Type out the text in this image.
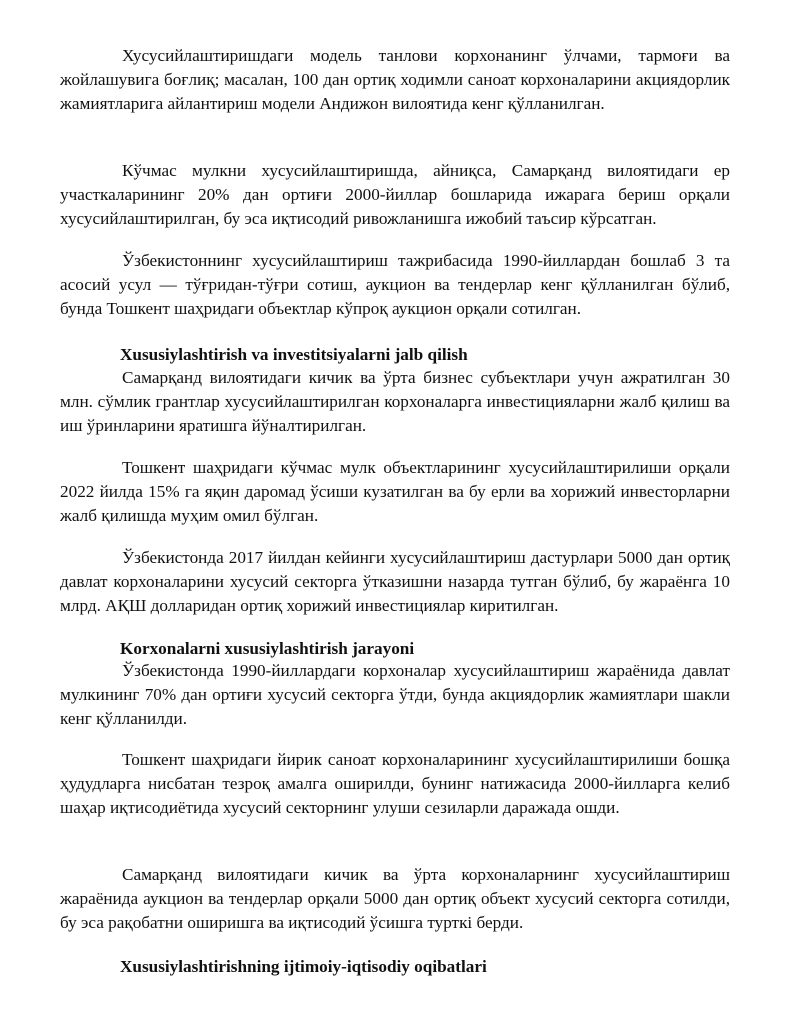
Хусусийлаштиришдаги модель танлови корхонанинг ўлчами, тармоғи ва жойлашувига боғлиқ; масалан, 100 дан ортиқ ходимли саноат корхоналарини акциядорлик жамиятларига айлантириш модели Андижон вилоятида кенг қўлланилган.

Кўчмас мулкни хусусийлаштиришда, айниқса, Самарқанд вилоятидаги ер участкаларининг 20% дан ортиғи 2000-йиллар бошларида ижарага бериш орқали хусусийлаштирилган, бу эса иқтисодий ривожланишга ижобий таъсир кўрсатган.

Ўзбекистоннинг хусусийлаштириш тажрибасида 1990-йиллардан бошлаб 3 та асосий усул — тўғридан-тўғри сотиш, аукцион ва тендерлар кенг қўлланилган бўлиб, бунда Тошкент шаҳридаги объектлар кўпроқ аукцион орқали сотилган.

Xususiylashtirish va investitsiyalarni jalb qilish

Самарқанд вилоятидаги кичик ва ўрта бизнес субъектлари учун ажратилган 30 млн. сўмлик грантлар хусусийлаштирилган корхоналарга инвестицияларни жалб қилиш ва иш ўринларини яратишга йўналтирилган.

Тошкент шаҳридаги кўчмас мулк объектларининг хусусийлаштирилиши орқали 2022 йилда 15% га яқин даромад ўсиши кузатилган ва бу ерли ва хорижий инвесторларни жалб қилишда муҳим омил бўлган.

Ўзбекистонда 2017 йилдан кейинги хусусийлаштириш дастурлари 5000 дан ортиқ давлат корхоналарини хусусий секторга ўтказишни назарда тутган бўлиб, бу жараёнга 10 млрд. АҚШ долларидан ортиқ хорижий инвестициялар киритилган.

Korxonalarni xususiylashtirish jarayoni

Ўзбекистонда 1990-йиллардаги корхоналар хусусийлаштириш жараёнида давлат мулкининг 70% дан ортиғи хусусий секторга ўтди, бунда акциядорлик жамиятлари шакли кенг қўлланилди.

Тошкент шаҳридаги йирик саноат корхоналарининг хусусийлаштирилиши бошқа ҳудудларга нисбатан тезроқ амалга оширилди, бунинг натижасида 2000-йилларга келиб шаҳар иқтисодиётида хусусий секторнинг улуши сезиларли даражада ошди.

Самарқанд вилоятидаги кичик ва ўрта корхоналарнинг хусусийлаштириш жараёнида аукцион ва тендерлар орқали 5000 дан ортиқ объект хусусий секторга сотилди, бу эса рақобатни оширишга ва иқтисодий ўсишга турткі берди.

Xususiylashtirishning ijtimoiy-iqtisodiy oqibatlari
